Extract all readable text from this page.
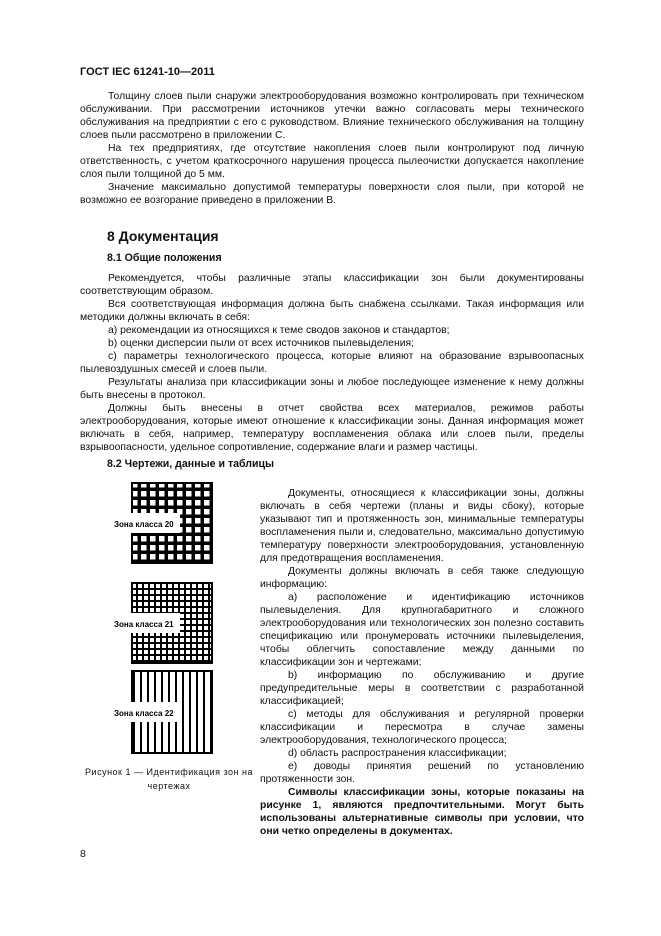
ГОСТ IEC 61241-10—2011

Толщину слоев пыли снаружи электрооборудования возможно контролировать при техническом обслуживании. При рассмотрении источников утечки важно согласовать меры технического обслуживания на предприятии с его с руководством. Влияние технического обслуживания на толщину слоев пыли рассмотрено в приложении С.

На тех предприятиях, где отсутствие накопления слоев пыли контролируют под личную ответственность, с учетом краткосрочного нарушения процесса пылеочистки допускается накопление слоя пыли толщиной до 5 мм.

Значение максимально допустимой температуры поверхности слоя пыли, при которой не возможно ее возгорание приведено в приложении В.

8 Документация
8.1 Общие положения

Рекомендуется, чтобы различные этапы классификации зон были документированы соответствующим образом.

Вся соответствующая информация должна быть снабжена ссылками. Такая информация или методики должны включать в себя:

а) рекомендации из относящихся к теме сводов законов и стандартов;

b) оценки дисперсии пыли от всех источников пылевыделения;

с) параметры технологического процесса, которые влияют на образование взрывоопасных пылевоздушных смесей и слоев пыли.

Результаты анализа при классификации зоны и любое последующее изменение к нему должны быть внесены в протокол.

Должны быть внесены в отчет свойства всех материалов, режимов работы электрооборудования, которые имеют отношение к классификации зоны. Данная информация может включать в себя, например, температуру воспламенения облака или слоев пыли, пределы взрывоопасности, удельное сопротивление, содержание влаги и размер частицы.

8.2 Чертежи, данные и таблицы
Зона класса 20
Зона класса 21
Зона класса 22
Рисунок 1 — Идентификация зон на чертежах

Документы, относящиеся к классификации зоны, должны включать в себя чертежи (планы и виды сбоку), которые указывают тип и протяженность зон, минимальные температуры воспламенения пыли и, следовательно, максимально допустимую температуру поверхности электрооборудования, установленную для предотвращения воспламенения.

Документы должны включать в себя также следующую информацию:

а) расположение и идентификацию источников пылевыделения. Для крупногабаритного и сложного электрооборудования или технологических зон полезно составить спецификацию или пронумеровать источники пылевыделения, чтобы облегчить сопоставление между данными по классификации зон и чертежами;

b) информацию по обслуживанию и другие предупредительные меры в соответствии с разработанной классификацией;

с) методы для обслуживания и регулярной проверки классификации и пересмотра в случае замены электрооборудования, технологического процесса;

d) область распространения классификации;

е) доводы принятия решений по установлению протяженности зон.

Символы классификации зоны, которые показаны на рисунке 1, являются предпочтительными. Могут быть использованы альтернативные символы при условии, что они четко определены в документах.

8
